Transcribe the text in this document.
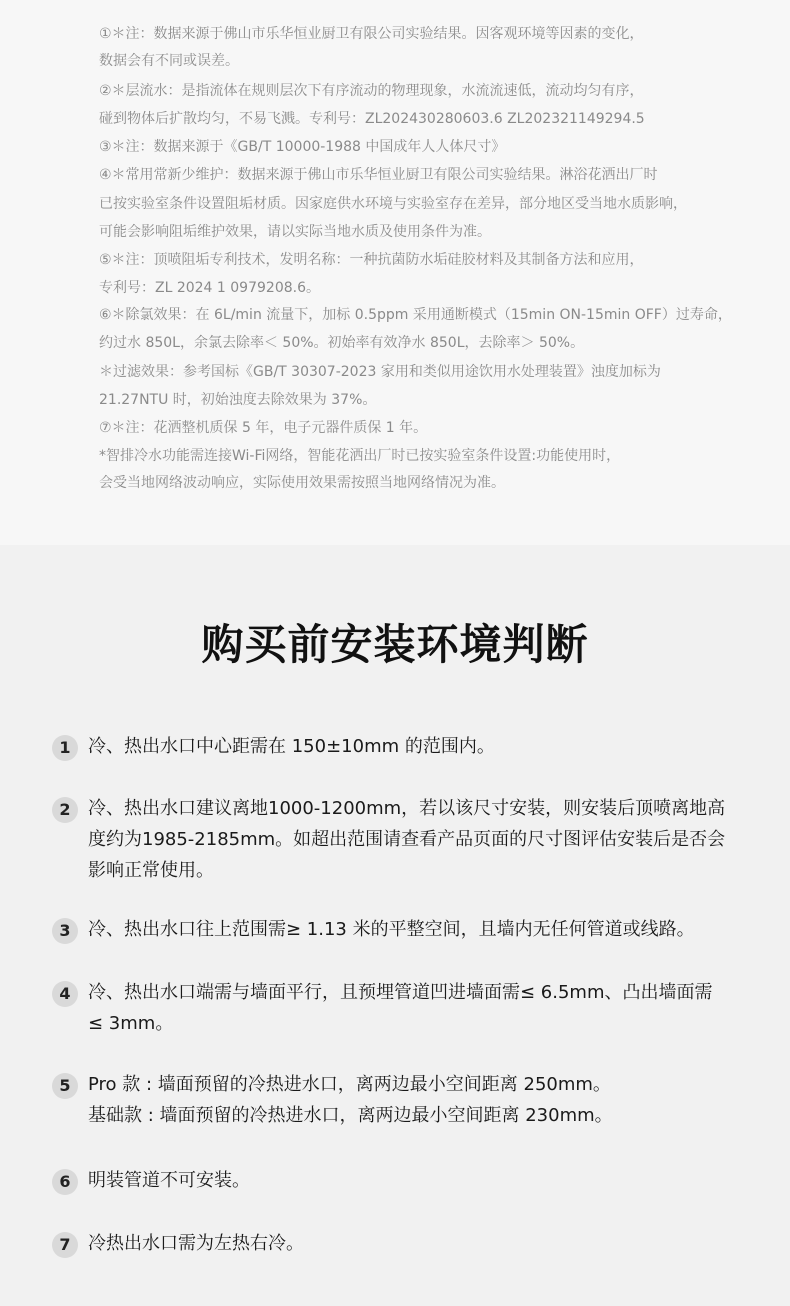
①＊注：数据来源于佛山市乐华恒业厨卫有限公司实验结果。因客观环境等因素的变化，
数据会有不同或误差。
②＊层流水：是指流体在规则层次下有序流动的物理现象，水流流速低，流动均匀有序，
碰到物体后扩散均匀，不易飞溅。专利号：ZL202430280603.6 ZL202321149294.5
③＊注：数据来源于《GB/T 10000-1988 中国成年人人体尺寸》
④＊常用常新少维护：数据来源于佛山市乐华恒业厨卫有限公司实验结果。淋浴花洒出厂时
已按实验室条件设置阻垢材质。因家庭供水环境与实验室存在差异，部分地区受当地水质影响，
可能会影响阻垢维护效果，请以实际当地水质及使用条件为准。
⑤＊注：顶喷阻垢专利技术，发明名称：一种抗菌防水垢硅胶材料及其制备方法和应用，
专利号：ZL 2024 1 0979208.6。
⑥＊除氯效果：在 6L/min 流量下，加标 0.5ppm 采用通断模式（15min ON-15min OFF）过寿命，
约过水 850L，余氯去除率＜ 50%。初始率有效净水 850L，去除率＞ 50%。
＊过滤效果：参考国标《GB/T 30307-2023 家用和类似用途饮用水处理装置》浊度加标为
21.27NTU 时，初始浊度去除效果为 37%。
⑦＊注：花洒整机质保 5 年，电子元器件质保 1 年。
*智排冷水功能需连接Wi-Fi网络，智能花洒出厂时已按实验室条件设置:功能使用时，
会受当地网络波动响应，实际使用效果需按照当地网络情况为准。
购买前安装环境判断
1 冷、热出水口中心距需在 150±10mm 的范围内。
2 冷、热出水口建议离地1000-1200mm，若以该尺寸安装，则安装后顶喷离地高
度约为1985-2185mm。如超出范围请查看产品页面的尺寸图评估安装后是否会
影响正常使用。
3 冷、热出水口往上范围需≥ 1.13 米的平整空间，且墙内无任何管道或线路。
4 冷、热出水口端需与墙面平行，且预埋管道凹进墙面需≤ 6.5mm、凸出墙面需
≤ 3mm。
5 Pro 款 : 墙面预留的冷热进水口，离两边最小空间距离 250mm。
基础款 : 墙面预留的冷热进水口，离两边最小空间距离 230mm。
6 明装管道不可安装。
7 冷热出水口需为左热右冷。
